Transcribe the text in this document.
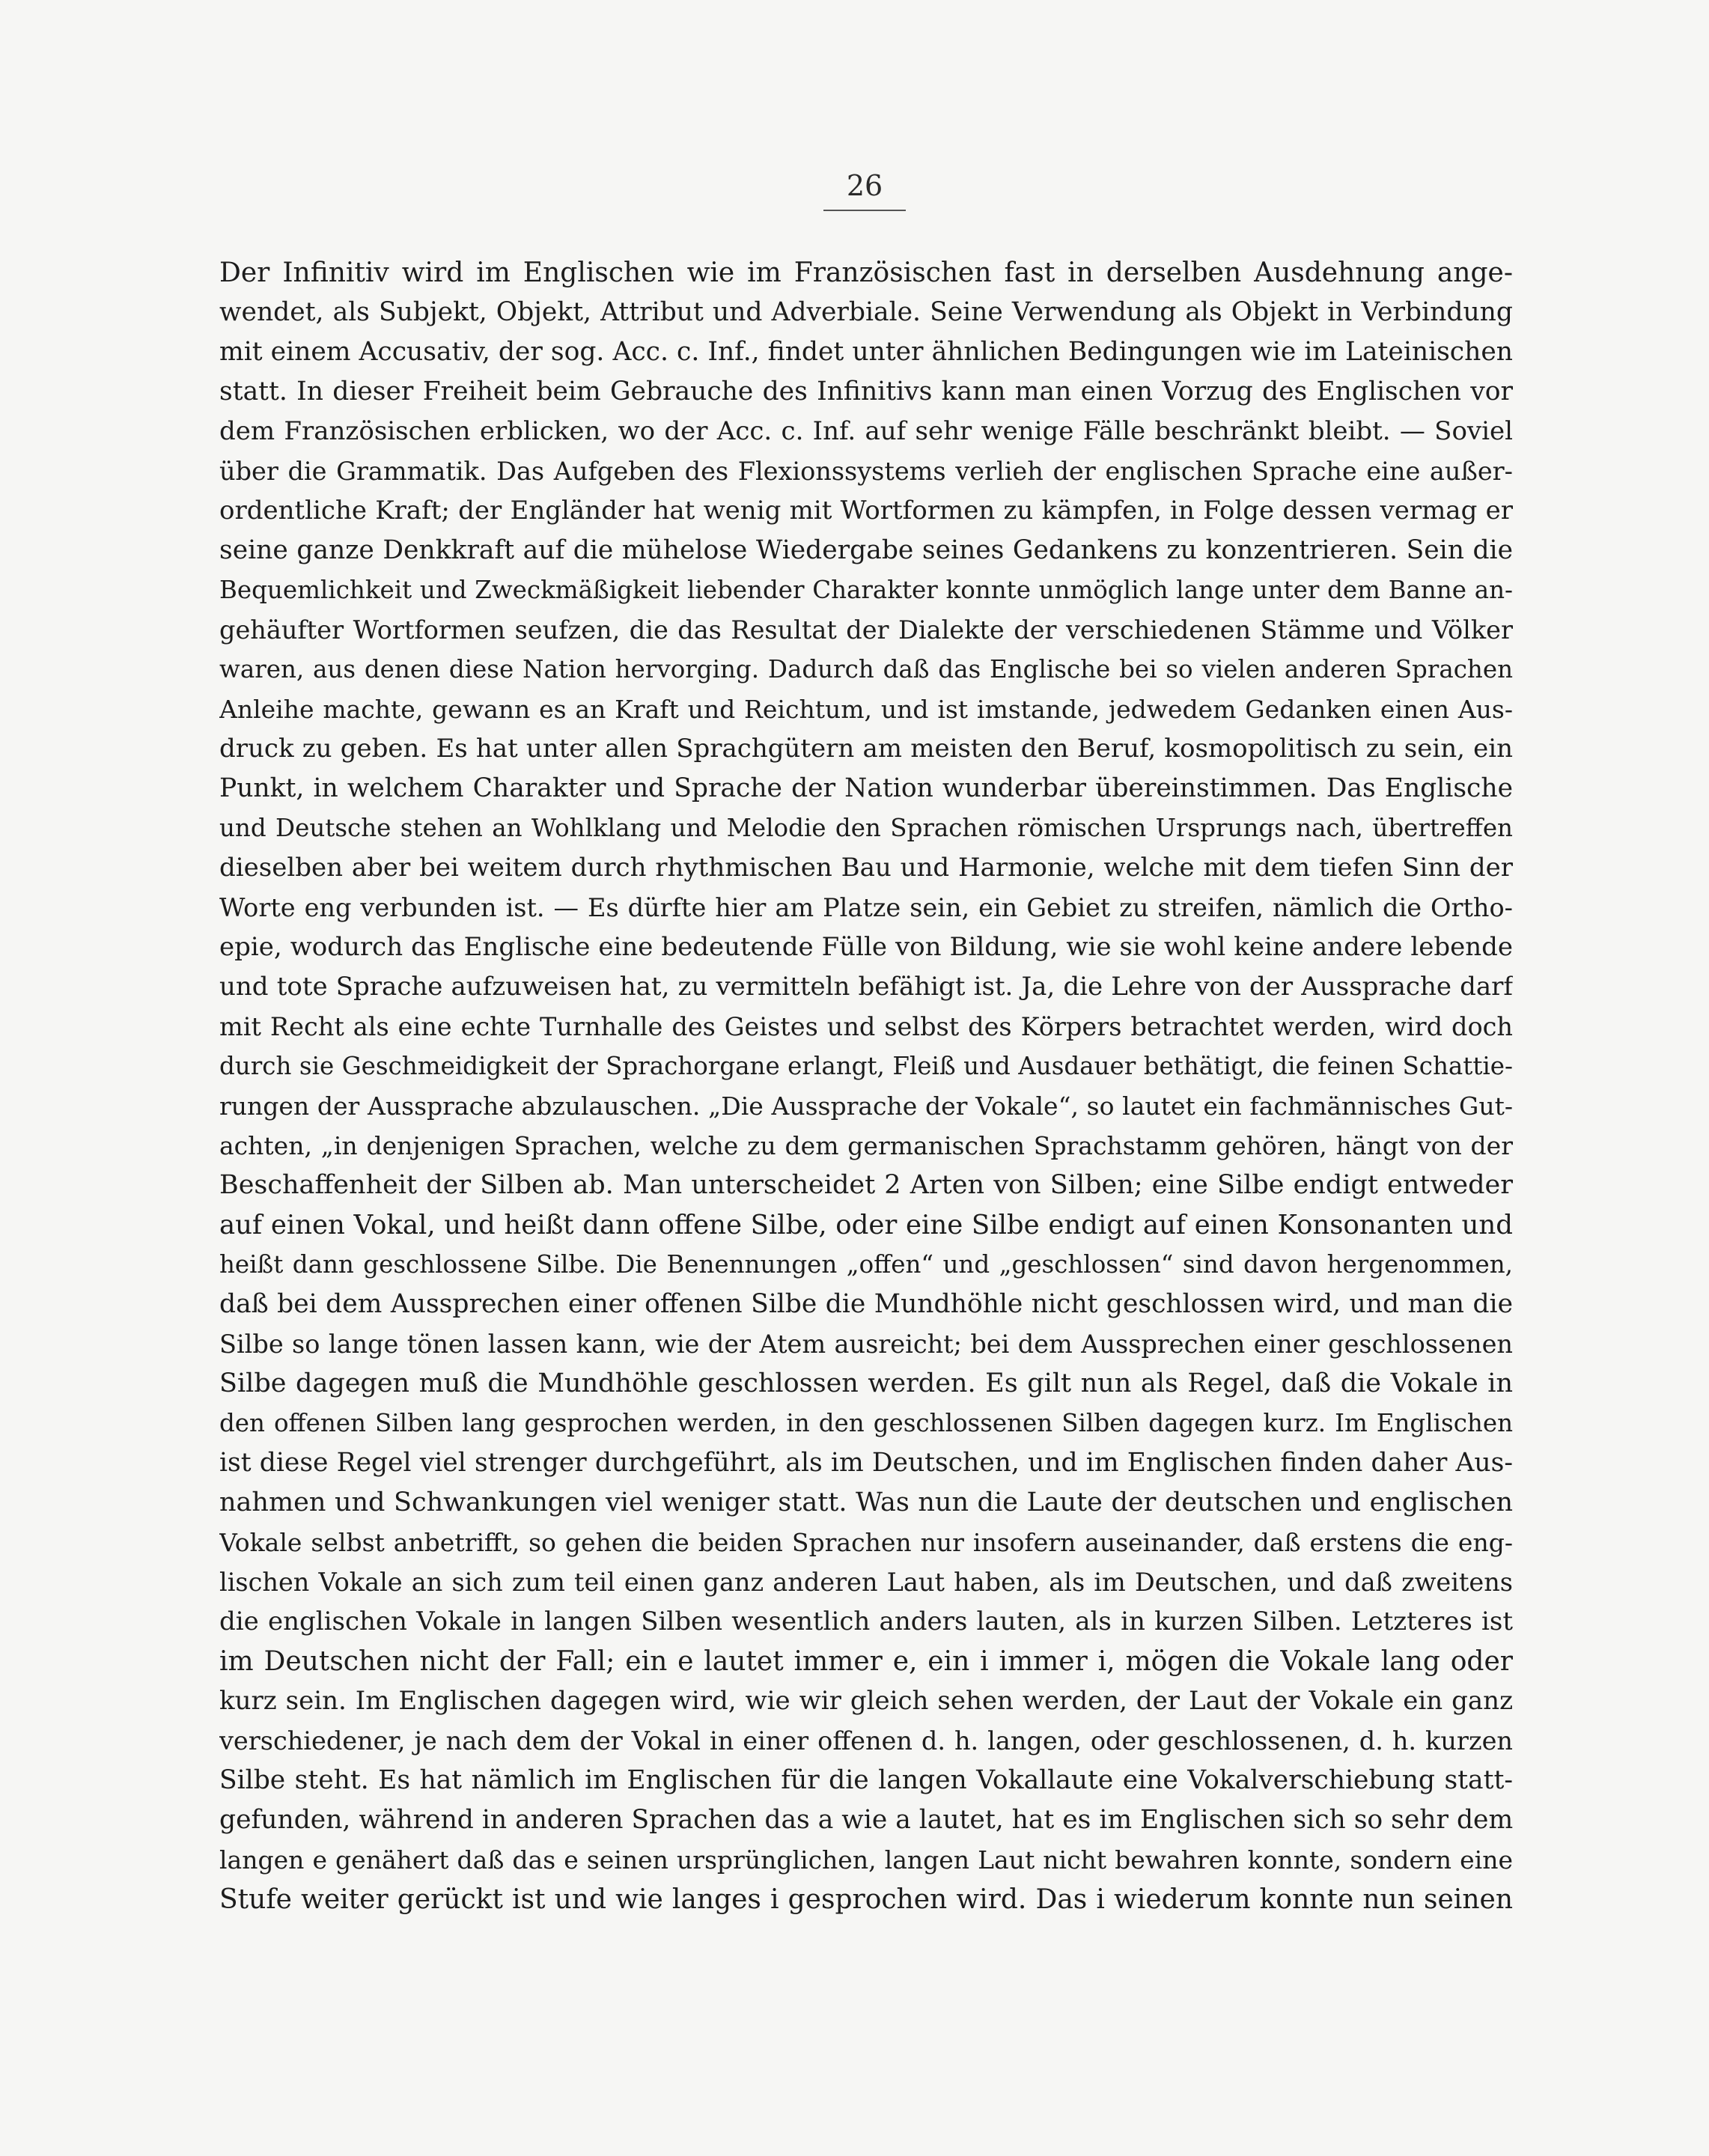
26
Der Infinitiv wird im Englischen wie im Französischen fast in derselben Ausdehnung ange-
wendet, als Subjekt, Objekt, Attribut und Adverbiale. Seine Verwendung als Objekt in Verbindung
mit einem Accusativ, der sog. Acc. c. Inf., findet unter ähnlichen Bedingungen wie im Lateinischen
statt. In dieser Freiheit beim Gebrauche des Infinitivs kann man einen Vorzug des Englischen vor
dem Französischen erblicken, wo der Acc. c. Inf. auf sehr wenige Fälle beschränkt bleibt. — Soviel
über die Grammatik. Das Aufgeben des Flexionssystems verlieh der englischen Sprache eine außer-
ordentliche Kraft; der Engländer hat wenig mit Wortformen zu kämpfen, in Folge dessen vermag er
seine ganze Denkkraft auf die mühelose Wiedergabe seines Gedankens zu konzentrieren. Sein die
Bequemlichkeit und Zweckmäßigkeit liebender Charakter konnte unmöglich lange unter dem Banne an-
gehäufter Wortformen seufzen, die das Resultat der Dialekte der verschiedenen Stämme und Völker
waren, aus denen diese Nation hervorging. Dadurch daß das Englische bei so vielen anderen Sprachen
Anleihe machte, gewann es an Kraft und Reichtum, und ist imstande, jedwedem Gedanken einen Aus-
druck zu geben. Es hat unter allen Sprachgütern am meisten den Beruf, kosmopolitisch zu sein, ein
Punkt, in welchem Charakter und Sprache der Nation wunderbar übereinstimmen. Das Englische
und Deutsche stehen an Wohlklang und Melodie den Sprachen römischen Ursprungs nach, übertreffen
dieselben aber bei weitem durch rhythmischen Bau und Harmonie, welche mit dem tiefen Sinn der
Worte eng verbunden ist. — Es dürfte hier am Platze sein, ein Gebiet zu streifen, nämlich die Ortho-
epie, wodurch das Englische eine bedeutende Fülle von Bildung, wie sie wohl keine andere lebende
und tote Sprache aufzuweisen hat, zu vermitteln befähigt ist. Ja, die Lehre von der Aussprache darf
mit Recht als eine echte Turnhalle des Geistes und selbst des Körpers betrachtet werden, wird doch
durch sie Geschmeidigkeit der Sprachorgane erlangt, Fleiß und Ausdauer bethätigt, die feinen Schattie-
rungen der Aussprache abzulauschen. „Die Aussprache der Vokale“, so lautet ein fachmännisches Gut-
achten, „in denjenigen Sprachen, welche zu dem germanischen Sprachstamm gehören, hängt von der
Beschaffenheit der Silben ab. Man unterscheidet 2 Arten von Silben; eine Silbe endigt entweder
auf einen Vokal, und heißt dann offene Silbe, oder eine Silbe endigt auf einen Konsonanten und
heißt dann geschlossene Silbe. Die Benennungen „offen“ und „geschlossen“ sind davon hergenommen,
daß bei dem Aussprechen einer offenen Silbe die Mundhöhle nicht geschlossen wird, und man die
Silbe so lange tönen lassen kann, wie der Atem ausreicht; bei dem Aussprechen einer geschlossenen
Silbe dagegen muß die Mundhöhle geschlossen werden. Es gilt nun als Regel, daß die Vokale in
den offenen Silben lang gesprochen werden, in den geschlossenen Silben dagegen kurz. Im Englischen
ist diese Regel viel strenger durchgeführt, als im Deutschen, und im Englischen finden daher Aus-
nahmen und Schwankungen viel weniger statt. Was nun die Laute der deutschen und englischen
Vokale selbst anbetrifft, so gehen die beiden Sprachen nur insofern auseinander, daß erstens die eng-
lischen Vokale an sich zum teil einen ganz anderen Laut haben, als im Deutschen, und daß zweitens
die englischen Vokale in langen Silben wesentlich anders lauten, als in kurzen Silben. Letzteres ist
im Deutschen nicht der Fall; ein e lautet immer e, ein i immer i, mögen die Vokale lang oder
kurz sein. Im Englischen dagegen wird, wie wir gleich sehen werden, der Laut der Vokale ein ganz
verschiedener, je nach dem der Vokal in einer offenen d. h. langen, oder geschlossenen, d. h. kurzen
Silbe steht. Es hat nämlich im Englischen für die langen Vokallaute eine Vokalverschiebung statt-
gefunden, während in anderen Sprachen das a wie a lautet, hat es im Englischen sich so sehr dem
langen e genähert daß das e seinen ursprünglichen, langen Laut nicht bewahren konnte, sondern eine
Stufe weiter gerückt ist und wie langes i gesprochen wird. Das i wiederum konnte nun seinen
